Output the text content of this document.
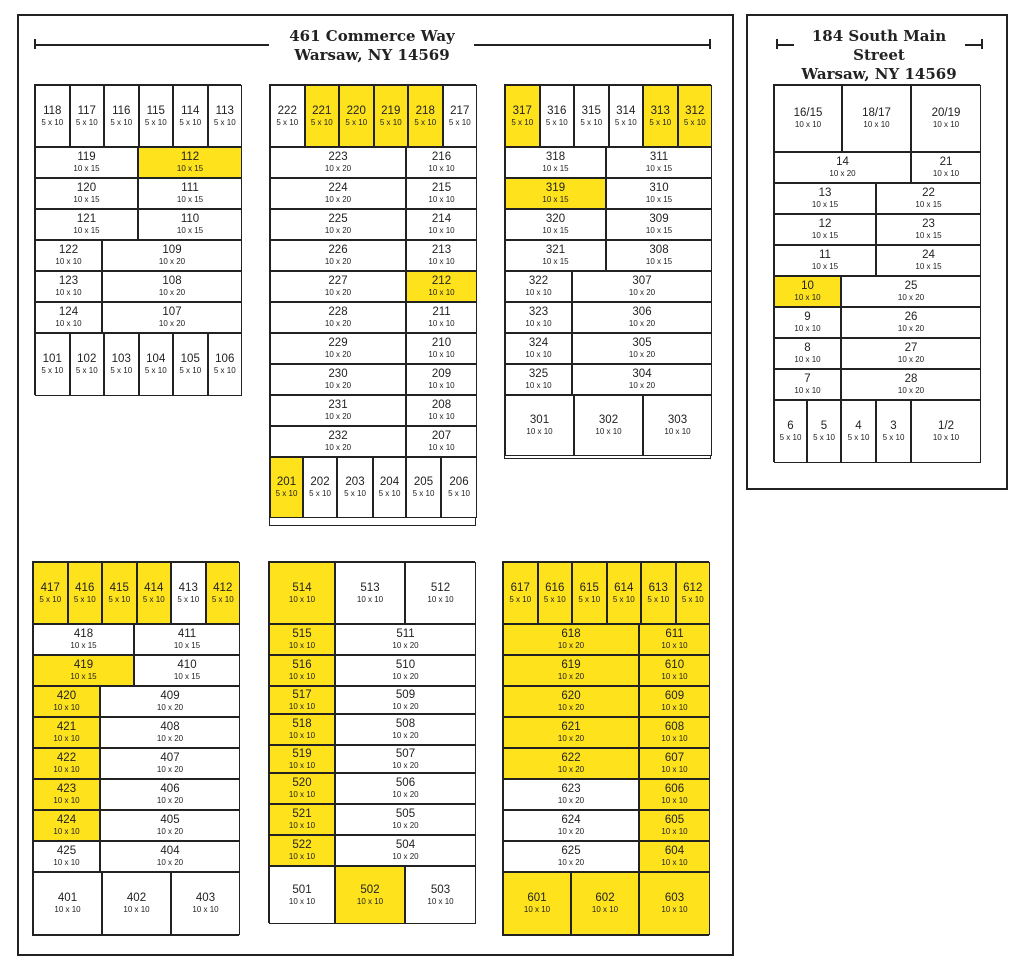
461 Commerce Way
Warsaw, NY 14569
184 South Main Street
Warsaw, NY 14569
118
5 x 10
117
5 x 10
116
5 x 10
115
5 x 10
114
5 x 10
113
5 x 10
119
10 x 15
112
10 x 15
120
10 x 15
111
10 x 15
121
10 x 15
110
10 x 15
122
10 x 10
109
10 x 20
123
10 x 10
108
10 x 20
124
10 x 10
107
10 x 20
101
5 x 10
102
5 x 10
103
5 x 10
104
5 x 10
105
5 x 10
106
5 x 10
222
5 x 10
221
5 x 10
220
5 x 10
219
5 x 10
218
5 x 10
217
5 x 10
223
10 x 20
216
10 x 10
224
10 x 20
215
10 x 10
225
10 x 20
214
10 x 10
226
10 x 20
213
10 x 10
227
10 x 20
212
10 x 10
228
10 x 20
211
10 x 10
229
10 x 20
210
10 x 10
230
10 x 20
209
10 x 10
231
10 x 20
208
10 x 10
232
10 x 20
207
10 x 10
201
5 x 10
202
5 x 10
203
5 x 10
204
5 x 10
205
5 x 10
206
5 x 10
317
5 x 10
316
5 x 10
315
5 x 10
314
5 x 10
313
5 x 10
312
5 x 10
318
10 x 15
311
10 x 15
319
10 x 15
310
10 x 15
320
10 x 15
309
10 x 15
321
10 x 15
308
10 x 15
322
10 x 10
307
10 x 20
323
10 x 10
306
10 x 20
324
10 x 10
305
10 x 20
325
10 x 10
304
10 x 20
301
10 x 10
302
10 x 10
303
10 x 10
417
5 x 10
416
5 x 10
415
5 x 10
414
5 x 10
413
5 x 10
412
5 x 10
418
10 x 15
411
10 x 15
419
10 x 15
410
10 x 15
420
10 x 10
409
10 x 20
421
10 x 10
408
10 x 20
422
10 x 10
407
10 x 20
423
10 x 10
406
10 x 20
424
10 x 10
405
10 x 20
425
10 x 10
404
10 x 20
401
10 x 10
402
10 x 10
403
10 x 10
514
10 x 10
513
10 x 10
512
10 x 10
515
10 x 10
511
10 x 20
516
10 x 10
510
10 x 20
517
10 x 10
509
10 x 20
518
10 x 10
508
10 x 20
519
10 x 10
507
10 x 20
520
10 x 10
506
10 x 20
521
10 x 10
505
10 x 20
522
10 x 10
504
10 x 20
501
10 x 10
502
10 x 10
503
10 x 10
617
5 x 10
616
5 x 10
615
5 x 10
614
5 x 10
613
5 x 10
612
5 x 10
618
10 x 20
611
10 x 10
619
10 x 20
610
10 x 10
620
10 x 20
609
10 x 10
621
10 x 20
608
10 x 10
622
10 x 20
607
10 x 10
623
10 x 20
606
10 x 10
624
10 x 20
605
10 x 10
625
10 x 20
604
10 x 10
601
10 x 10
602
10 x 10
603
10 x 10
16/15
10 x 10
18/17
10 x 10
20/19
10 x 10
14
10 x 20
21
10 x 10
13
10 x 15
22
10 x 15
12
10 x 15
23
10 x 15
11
10 x 15
24
10 x 15
10
10 x 10
25
10 x 20
9
10 x 10
26
10 x 20
8
10 x 10
27
10 x 20
7
10 x 10
28
10 x 20
6
5 x 10
5
5 x 10
4
5 x 10
3
5 x 10
1/2
10 x 10
